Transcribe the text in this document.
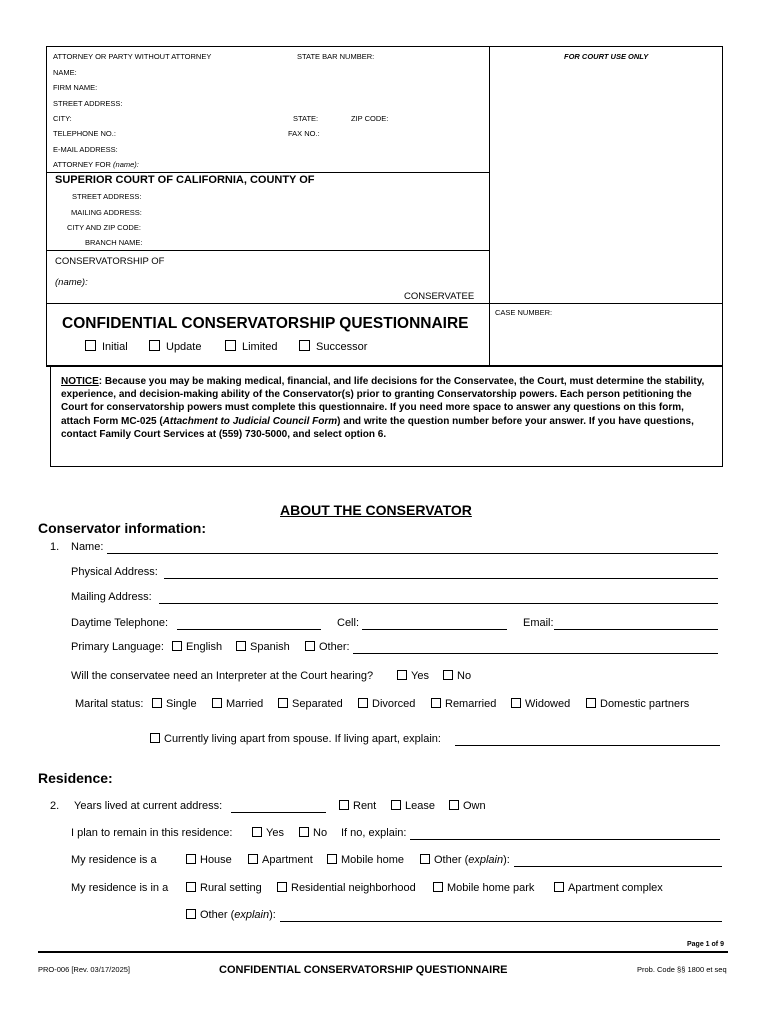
ATTORNEY OR PARTY WITHOUT ATTORNEY	STATE BAR NUMBER:	FOR COURT USE ONLY
NAME:
FIRM NAME:
STREET ADDRESS:
CITY:	STATE:	ZIP CODE:
TELEPHONE NO.:	FAX NO.:
E-MAIL ADDRESS:
ATTORNEY FOR (name):
SUPERIOR COURT OF CALIFORNIA, COUNTY OF
STREET ADDRESS:
MAILING ADDRESS:
CITY AND ZIP CODE:
BRANCH NAME:
CONSERVATORSHIP OF
(name):
CONSERVATEE
CASE NUMBER:
CONFIDENTIAL CONSERVATORSHIP QUESTIONNAIRE
Initial	Update	Limited	Successor
NOTICE: Because you may be making medical, financial, and life decisions for the Conservatee, the Court, must determine the stability, experience, and decision-making ability of the Conservator(s) prior to granting Conservatorship powers. Each person petitioning the Court for conservatorship powers must complete this questionnaire. If you need more space to answer any questions on this form, attach Form MC-025 (Attachment to Judicial Council Form) and write the question number before your answer. If you have questions, contact Family Court Services at (559) 730-5000, and select option 6.
ABOUT THE CONSERVATOR
Conservator information:
1. Name:
Physical Address:
Mailing Address:
Daytime Telephone:	Cell:	Email:
Primary Language:	English	Spanish	Other:
Will the conservatee need an Interpreter at the Court hearing?	Yes	No
Marital status:	Single	Married	Separated	Divorced	Remarried	Widowed	Domestic partners
Currently living apart from spouse. If living apart, explain:
Residence:
2. Years lived at current address:	Rent	Lease	Own
I plan to remain in this residence:	Yes	No If no, explain:
My residence is a	House	Apartment	Mobile home	Other (explain):
My residence is in a	Rural setting	Residential neighborhood	Mobile home park	Apartment complex
Other (explain):
Page 1 of 9
PRO-006 [Rev. 03/17/2025]	CONFIDENTIAL CONSERVATORSHIP QUESTIONNAIRE	Prob. Code §§ 1800 et seq
